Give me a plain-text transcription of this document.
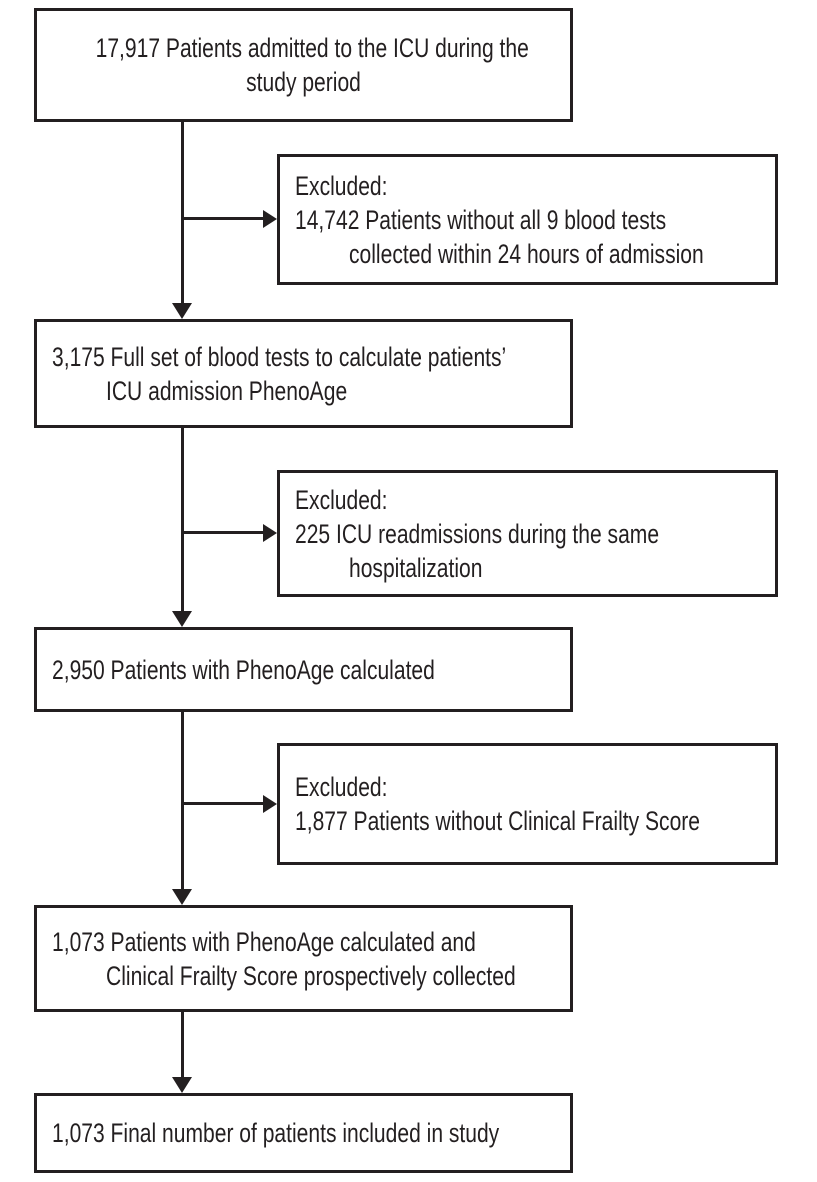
17,917 Patients admitted to the ICU during the
study period
Excluded:
14,742 Patients without all 9 blood tests
collected within 24 hours of admission
3,175 Full set of blood tests to calculate patients’
ICU admission PhenoAge
Excluded:
225 ICU readmissions during the same
hospitalization
2,950 Patients with PhenoAge calculated
Excluded:
1,877 Patients without Clinical Frailty Score
1,073 Patients with PhenoAge calculated and
Clinical Frailty Score prospectively collected
1,073 Final number of patients included in study
